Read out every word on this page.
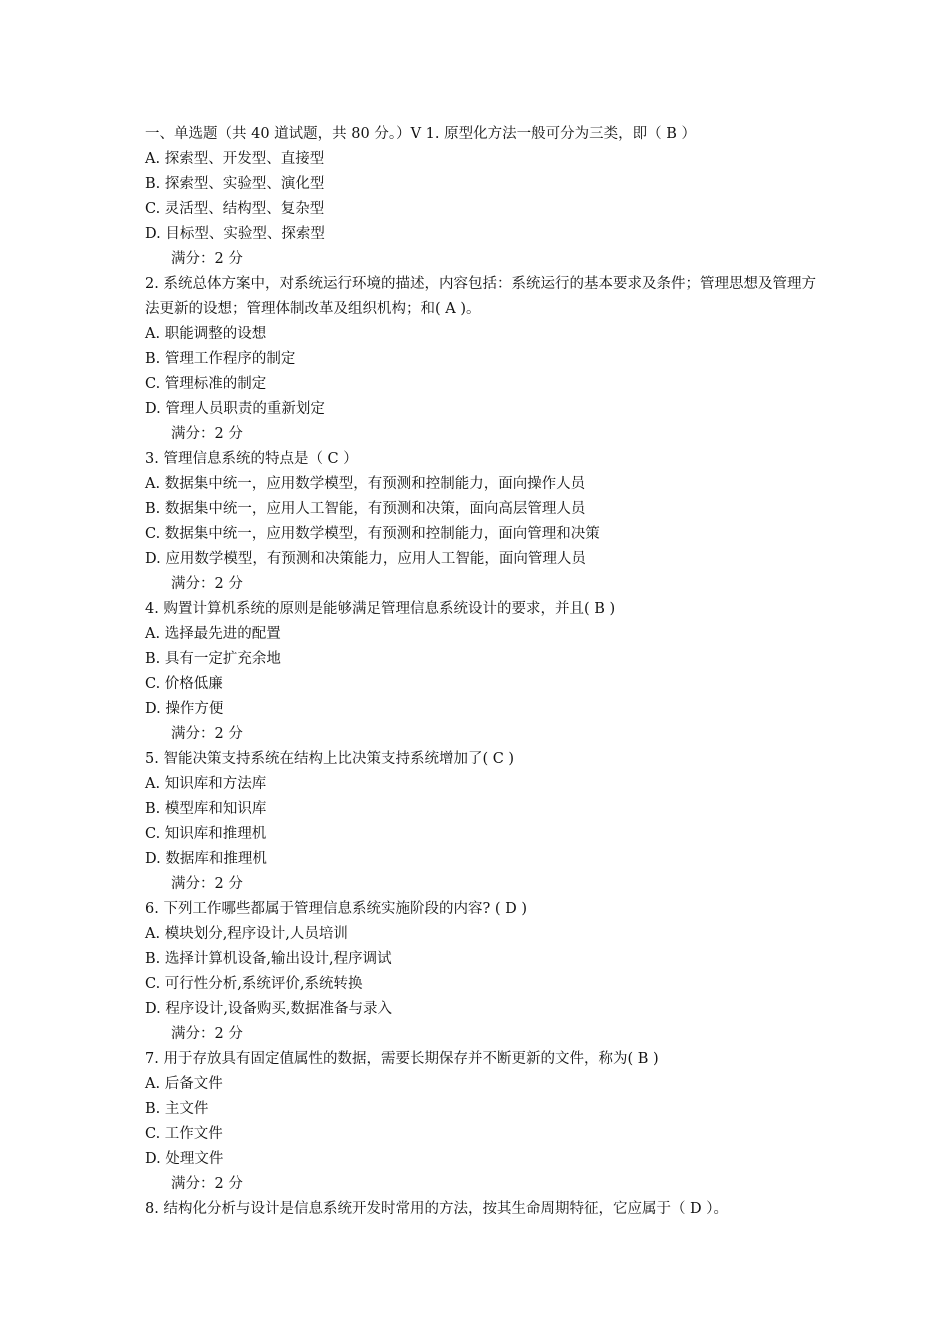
一、单选题（共 40 道试题，共 80 分。）V 1. 原型化方法一般可分为三类，即（ B ）
A. 探索型、开发型、直接型
B. 探索型、实验型、演化型
C. 灵活型、结构型、复杂型
D. 目标型、实验型、探索型
满分：2 分
2. 系统总体方案中，对系统运行环境的描述，内容包括：系统运行的基本要求及条件；管理思想及管理方法更新的设想；管理体制改革及组织机构；和( A )。
A. 职能调整的设想
B. 管理工作程序的制定
C. 管理标准的制定
D. 管理人员职责的重新划定
满分：2 分
3. 管理信息系统的特点是（ C ）
A. 数据集中统一，应用数学模型，有预测和控制能力，面向操作人员
B. 数据集中统一，应用人工智能，有预测和决策，面向高层管理人员
C. 数据集中统一，应用数学模型，有预测和控制能力，面向管理和决策
D. 应用数学模型，有预测和决策能力，应用人工智能，面向管理人员
满分：2 分
4. 购置计算机系统的原则是能够满足管理信息系统设计的要求，并且( B )
A. 选择最先进的配置
B. 具有一定扩充余地
C. 价格低廉
D. 操作方便
满分：2 分
5. 智能决策支持系统在结构上比决策支持系统增加了( C )
A. 知识库和方法库
B. 模型库和知识库
C. 知识库和推理机
D. 数据库和推理机
满分：2 分
6. 下列工作哪些都属于管理信息系统实施阶段的内容? ( D )
A. 模块划分,程序设计,人员培训
B. 选择计算机设备,输出设计,程序调试
C. 可行性分析,系统评价,系统转换
D. 程序设计,设备购买,数据准备与录入
满分：2 分
7. 用于存放具有固定值属性的数据，需要长期保存并不断更新的文件，称为( B )
A. 后备文件
B. 主文件
C. 工作文件
D. 处理文件
满分：2 分
8. 结构化分析与设计是信息系统开发时常用的方法，按其生命周期特征，它应属于（ D ）。
